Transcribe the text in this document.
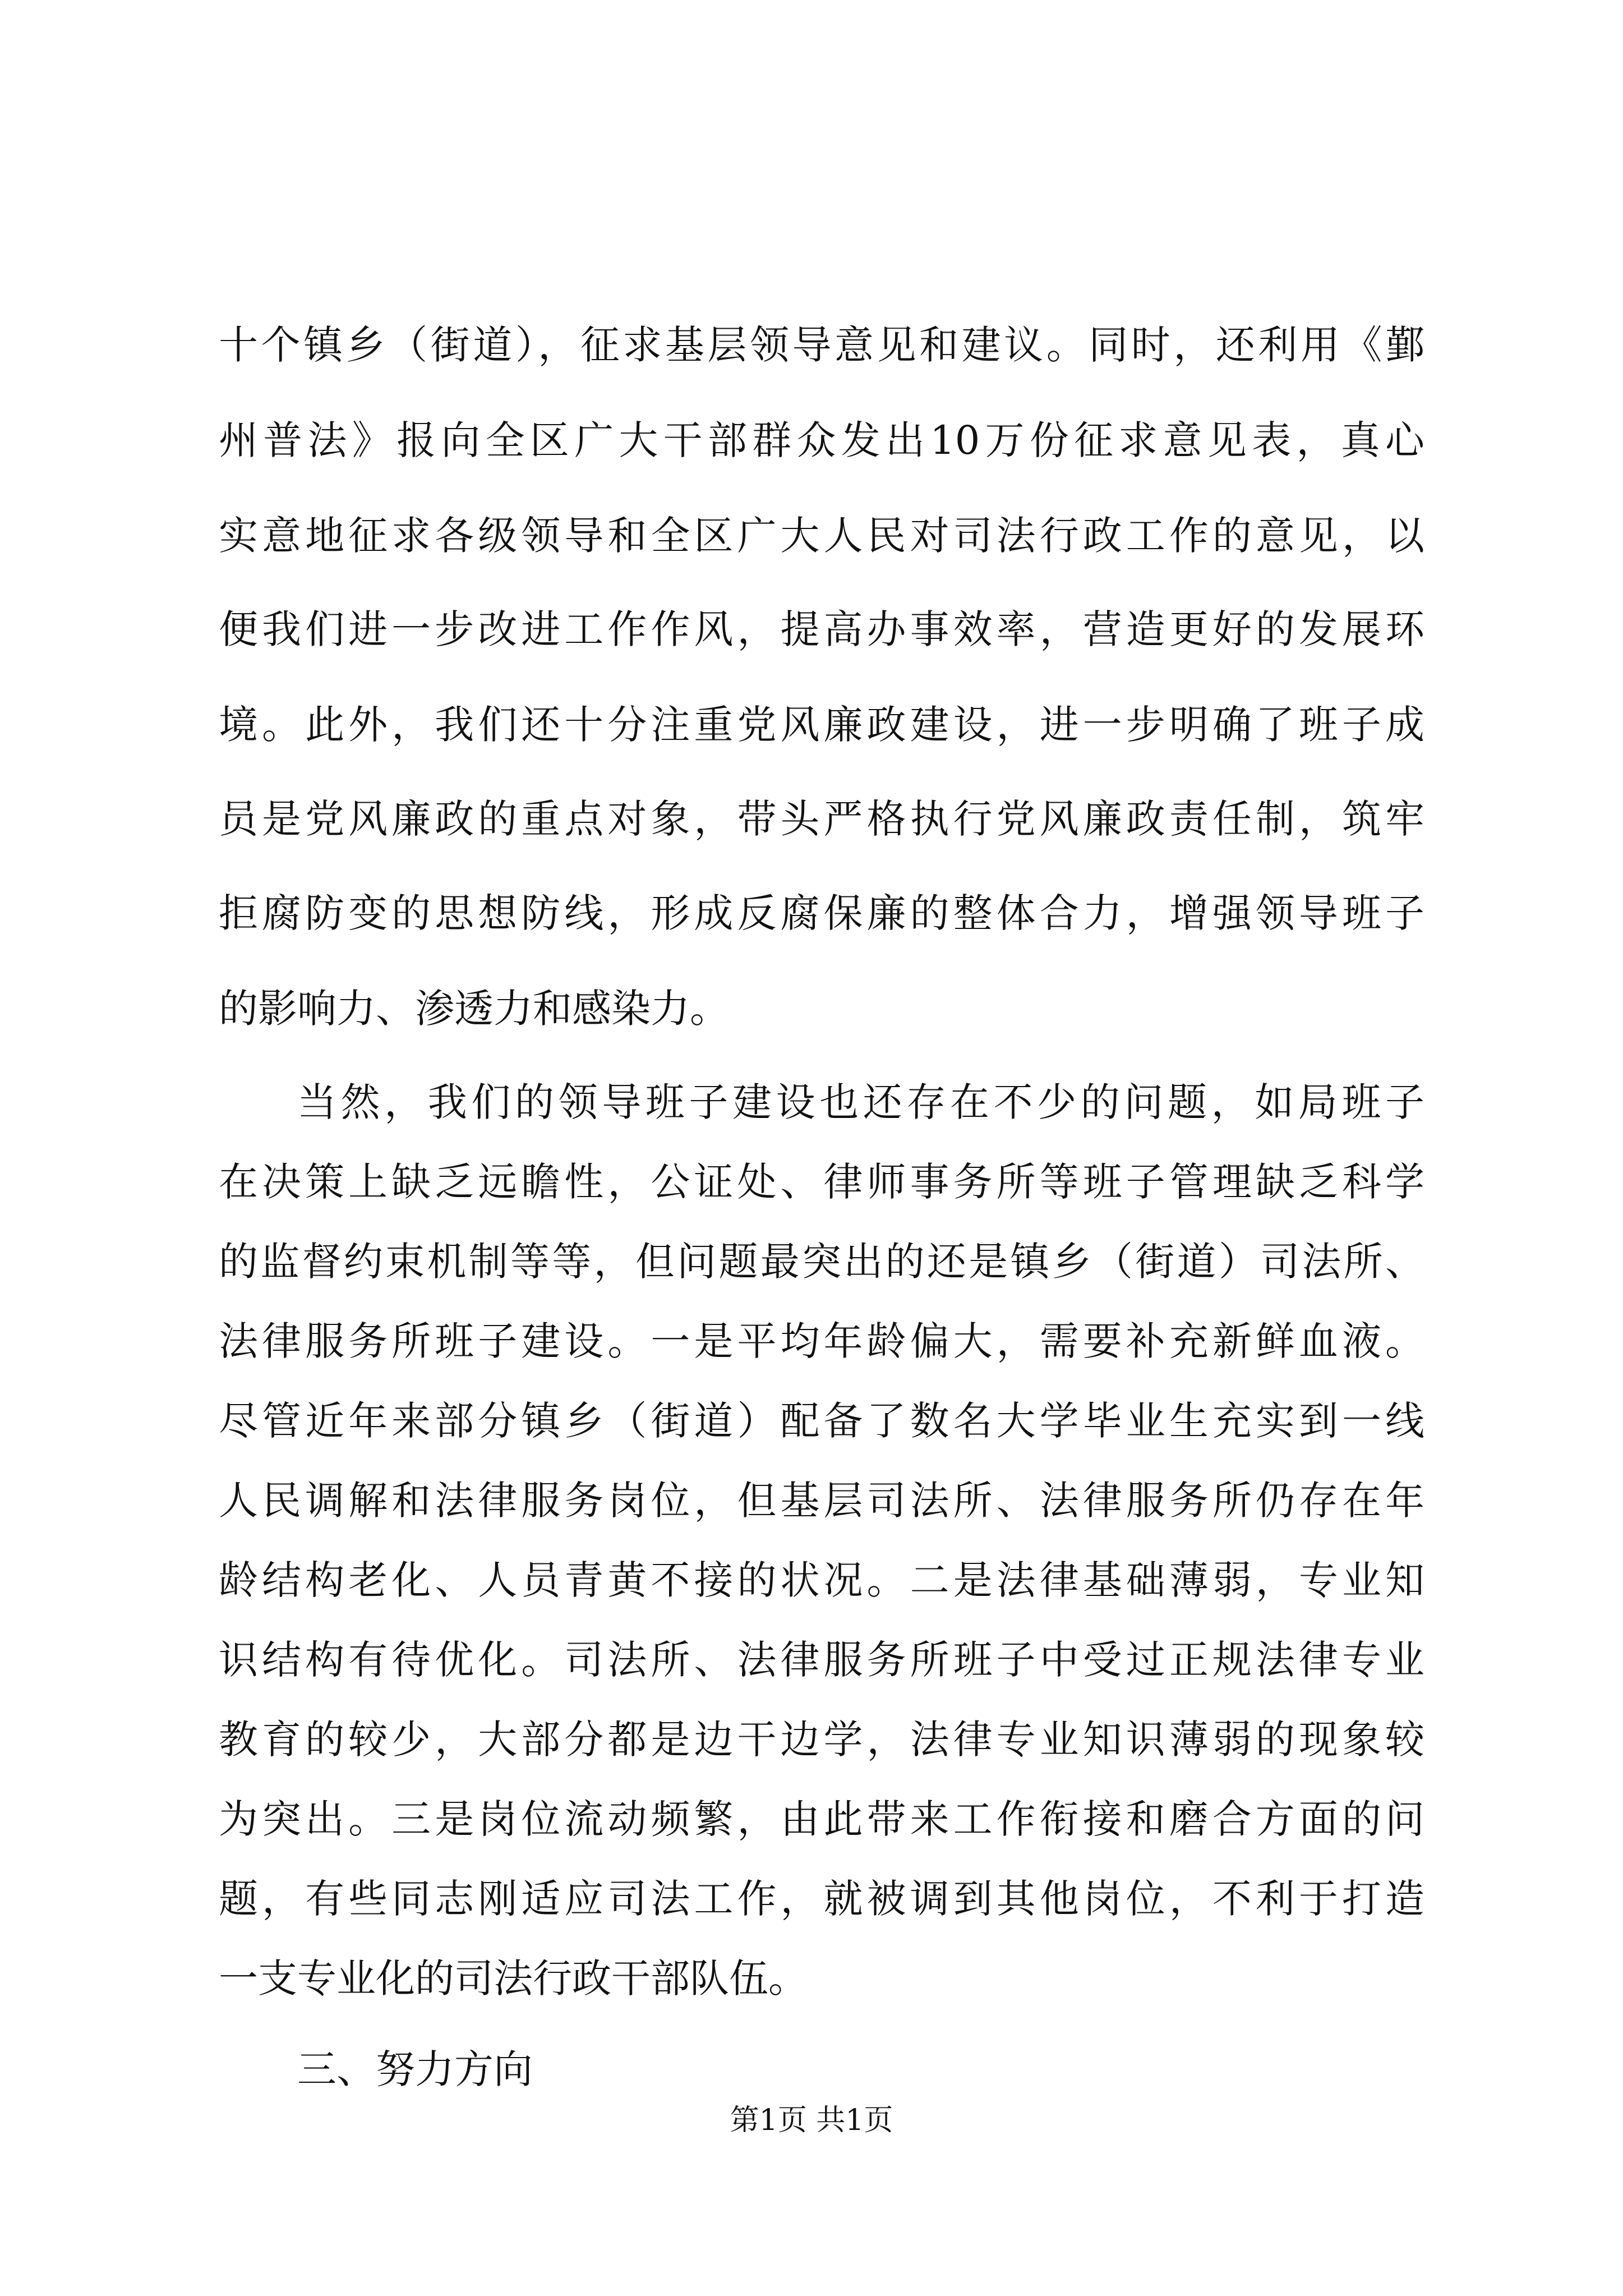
十个镇乡（街道），征求基层领导意见和建议。同时，还利用《鄞
州普法》报向全区广大干部群众发出10万份征求意见表，真心
实意地征求各级领导和全区广大人民对司法行政工作的意见，以
便我们进一步改进工作作风，提高办事效率，营造更好的发展环
境。此外，我们还十分注重党风廉政建设，进一步明确了班子成
员是党风廉政的重点对象，带头严格执行党风廉政责任制，筑牢
拒腐防变的思想防线，形成反腐保廉的整体合力，增强领导班子
的影响力、渗透力和感染力。
当然，我们的领导班子建设也还存在不少的问题，如局班子
在决策上缺乏远瞻性，公证处、律师事务所等班子管理缺乏科学
的监督约束机制等等，但问题最突出的还是镇乡（街道）司法所、
法律服务所班子建设。一是平均年龄偏大，需要补充新鲜血液。
尽管近年来部分镇乡（街道）配备了数名大学毕业生充实到一线
人民调解和法律服务岗位，但基层司法所、法律服务所仍存在年
龄结构老化、人员青黄不接的状况。二是法律基础薄弱，专业知
识结构有待优化。司法所、法律服务所班子中受过正规法律专业
教育的较少，大部分都是边干边学，法律专业知识薄弱的现象较
为突出。三是岗位流动频繁，由此带来工作衔接和磨合方面的问
题，有些同志刚适应司法工作，就被调到其他岗位，不利于打造
一支专业化的司法行政干部队伍。
三、努力方向
第1页 共1页
